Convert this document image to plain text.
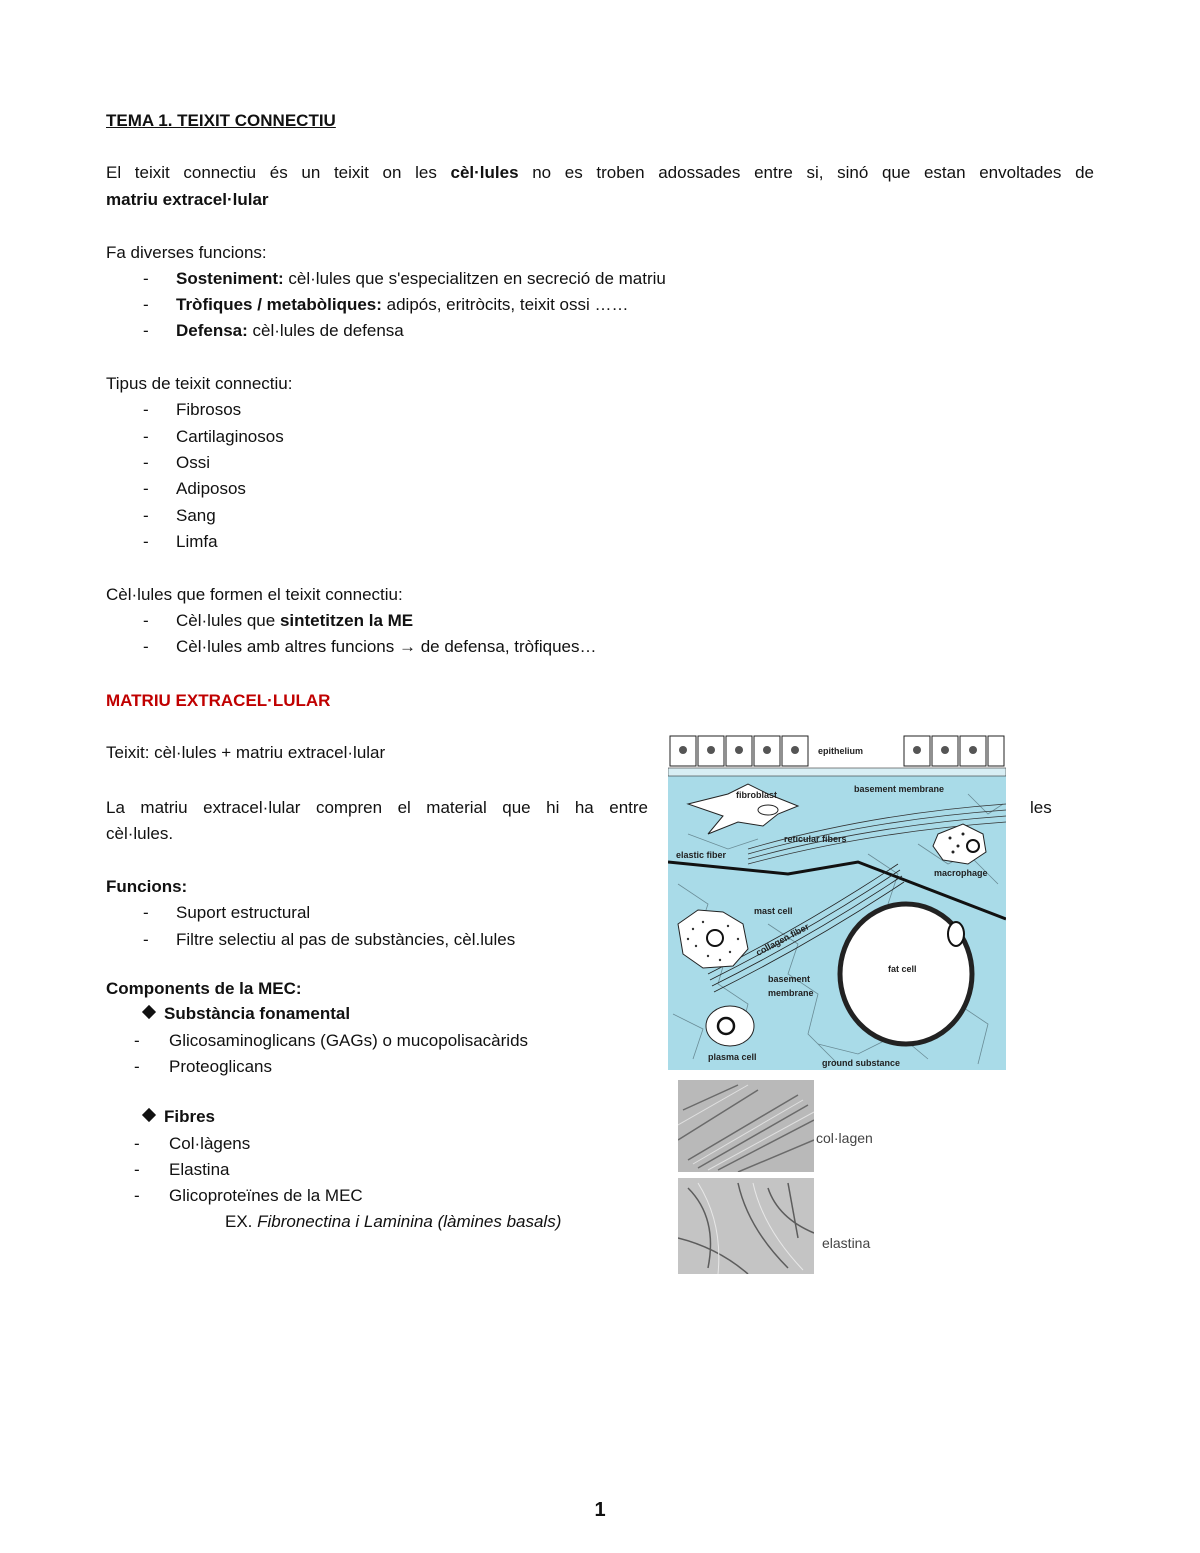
TEMA 1. TEIXIT CONNECTIU
El teixit connectiu és un teixit on les cèl·lules no es troben adossades entre si, sinó que estan envoltades de
matriu extracel·lular
Fa diverses funcions:
- Sosteniment: cèl·lules que s'especialitzen en secreció de matriu
- Tròfiques / metabòliques: adipós, eritròcits, teixit ossi ……
- Defensa: cèl·lules de defensa
Tipus de teixit connectiu:
- Fibrosos
- Cartilaginosos
- Ossi
- Adiposos
- Sang
- Limfa
Cèl·lules que formen el teixit connectiu:
- Cèl·lules que sintetitzen la ME
- Cèl·lules amb altres funcions → de defensa, tròfiques…
MATRIU EXTRACEL·LULAR
Teixit: cèl·lules + matriu extracel·lular
La matriu extracel·lular compren el material que hi ha entre	les
cèl·lules.
Funcions:
- Suport estructural
- Filtre selectiu al pas de substàncies, cèl.lules
Components de la MEC:
Substància fonamental
- Glicosaminoglicans (GAGs) o mucopolisacàrids
- Proteoglicans
Fibres
- Col·làgens
- Elastina
- Glicoproteïnes de la MEC
EX. Fibronectina i Laminina (làmines basals)
epithelium
basement membrane
fibroblast
reticular fibers
elastic fiber
macrophage
collagen fiber
mast cell
fat cell
basement
membrane
plasma cell
ground substance
col·lagen
elastina
1
